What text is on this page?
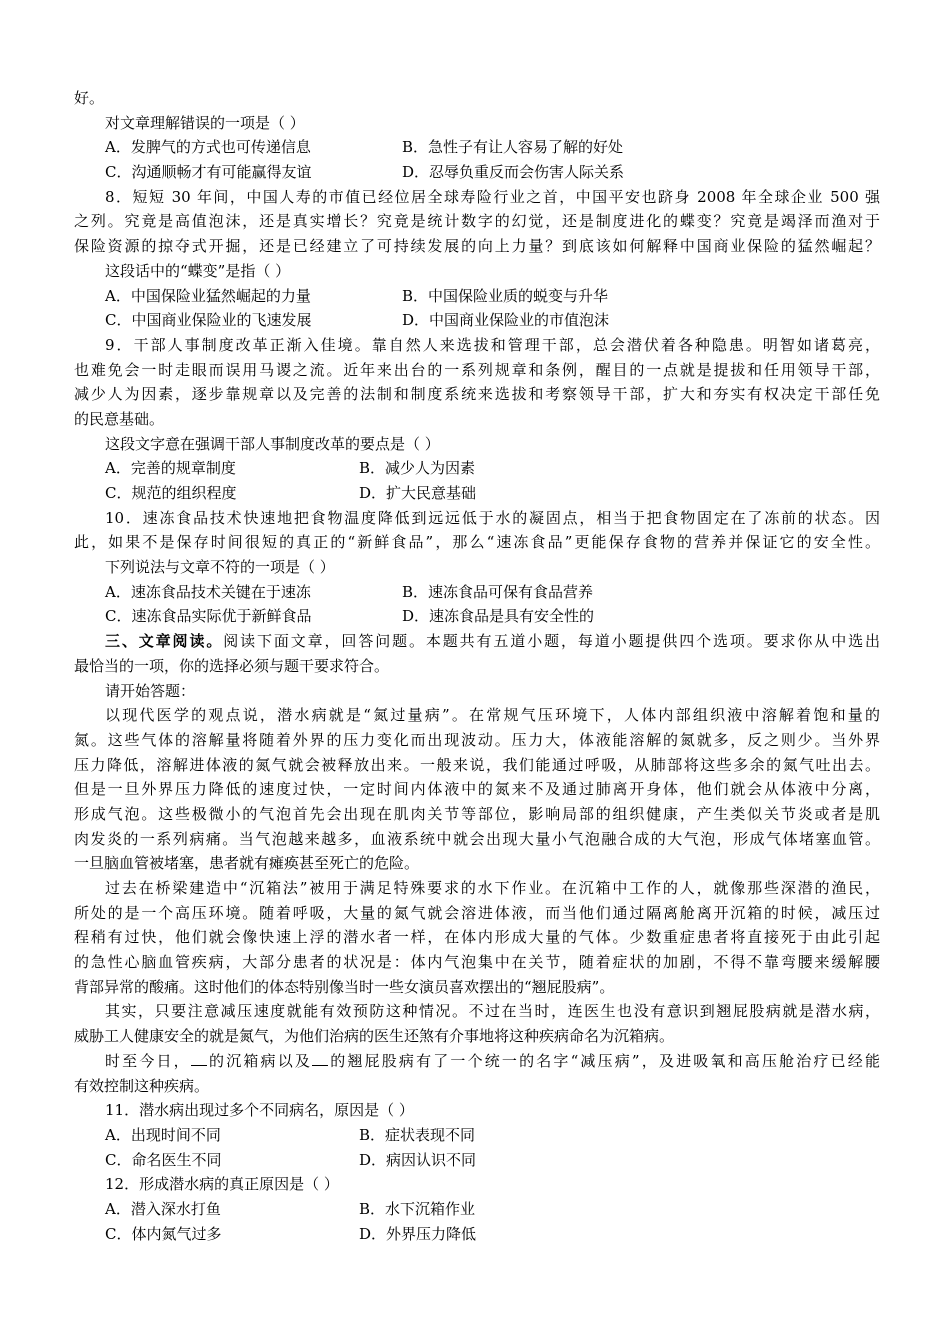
好。
对文章理解错误的一项是（ ）
A．发脾气的方式也可传递信息	B．急性子有让人容易了解的好处
C．沟通顺畅才有可能赢得友谊	D．忍辱负重反而会伤害人际关系
8．短短 30 年间，中国人寿的市值已经位居全球寿险行业之首，中国平安也跻身 2008 年全球企业 500 强
之列。究竟是高值泡沫，还是真实增长？究竟是统计数字的幻觉，还是制度进化的蝶变？究竟是竭泽而渔对于
保险资源的掠夺式开掘，还是已经建立了可持续发展的向上力量？到底该如何解释中国商业保险的猛然崛起？
这段话中的“蝶变”是指（ ）
A．中国保险业猛然崛起的力量	B．中国保险业质的蜕变与升华
C．中国商业保险业的飞速发展	D．中国商业保险业的市值泡沫
9．干部人事制度改革正渐入佳境。靠自然人来选拔和管理干部，总会潜伏着各种隐患。明智如诸葛亮，
也难免会一时走眼而误用马谡之流。近年来出台的一系列规章和条例，醒目的一点就是提拔和任用领导干部，
减少人为因素，逐步靠规章以及完善的法制和制度系统来选拔和考察领导干部，扩大和夯实有权决定干部任免
的民意基础。
这段文字意在强调干部人事制度改革的要点是（ ）
A．完善的规章制度	B．减少人为因素
C．规范的组织程度	D．扩大民意基础
10．速冻食品技术快速地把食物温度降低到远远低于水的凝固点，相当于把食物固定在了冻前的状态。因
此，如果不是保存时间很短的真正的“新鲜食品”，那么“速冻食品”更能保存食物的营养并保证它的安全性。
下列说法与文章不符的一项是（ ）
A．速冻食品技术关键在于速冻	B．速冻食品可保有食品营养
C．速冻食品实际优于新鲜食品	D．速冻食品是具有安全性的
三、文章阅读。阅读下面文章，回答问题。本题共有五道小题，每道小题提供四个选项。要求你从中选出
最恰当的一项，你的选择必须与题干要求符合。
请开始答题：
以现代医学的观点说，潜水病就是“氮过量病”。在常规气压环境下，人体内部组织液中溶解着饱和量的
氮。这些气体的溶解量将随着外界的压力变化而出现波动。压力大，体液能溶解的氮就多，反之则少。当外界
压力降低，溶解进体液的氮气就会被释放出来。一般来说，我们能通过呼吸，从肺部将这些多余的氮气吐出去。
但是一旦外界压力降低的速度过快，一定时间内体液中的氮来不及通过肺离开身体，他们就会从体液中分离，
形成气泡。这些极微小的气泡首先会出现在肌肉关节等部位，影响局部的组织健康，产生类似关节炎或者是肌
肉发炎的一系列病痛。当气泡越来越多，血液系统中就会出现大量小气泡融合成的大气泡，形成气体堵塞血管。
一旦脑血管被堵塞，患者就有瘫痪甚至死亡的危险。
过去在桥梁建造中“沉箱法”被用于满足特殊要求的水下作业。在沉箱中工作的人，就像那些深潜的渔民，
所处的是一个高压环境。随着呼吸，大量的氮气就会溶进体液，而当他们通过隔离舱离开沉箱的时候，减压过
程稍有过快，他们就会像快速上浮的潜水者一样，在体内形成大量的气体。少数重症患者将直接死于由此引起
的急性心脑血管疾病，大部分患者的状况是：体内气泡集中在关节，随着症状的加剧，不得不靠弯腰来缓解腰
背部异常的酸痛。这时他们的体态特别像当时一些女演员喜欢摆出的“翘屁股病”。
其实，只要注意减压速度就能有效预防这种情况。不过在当时，连医生也没有意识到翘屁股病就是潜水病，
威胁工人健康安全的就是氮气，为他们治病的医生还煞有介事地将这种疾病命名为沉箱病。
时至今日， 的沉箱病以及 的翘屁股病有了一个统一的名字“减压病”，及进吸氧和高压舱治疗已经能
有效控制这种疾病。
11．潜水病出现过多个不同病名，原因是（ ）
A．出现时间不同	B．症状表现不同
C．命名医生不同	D．病因认识不同
12．形成潜水病的真正原因是（ ）
A．潜入深水打鱼	B．水下沉箱作业
C．体内氮气过多	D．外界压力降低
